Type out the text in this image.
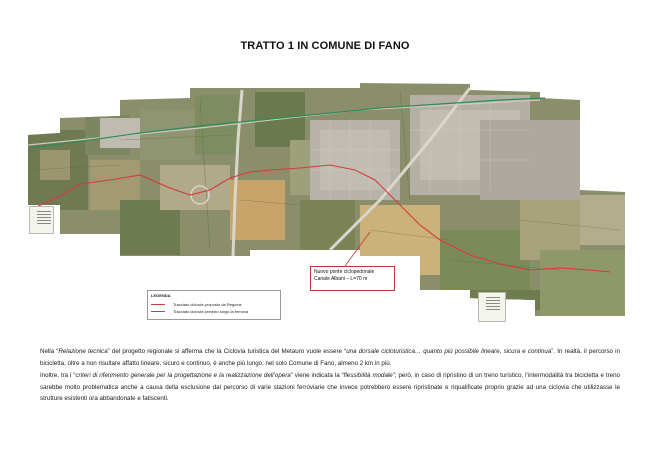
TRATTO 1 IN COMUNE DI FANO
Nuovo ponte ciclopedonale
Canale Albani – L=70 m
LEGENDA
Tracciato ciclovia proposto da Regione
Tracciato ciclovia previsto lungo la ferrovia

Nella “Relazione tecnica” del progetto regionale si afferma che la Ciclovia turistica del Metauro vuole essere “una dorsale cicloturistica… quanto più possibile lineare, sicura e continua”. In realtà, il percorso in bicicletta, oltre a non risultare affatto lineare, sicuro e continuo, è anche più lungo: nel solo Comune di Fano, almeno 2 km in più.

Inoltre, tra i “criteri di riferimento generale per la progettazione e la realizzazione dell’opera” viene indicata la “flessibilità modale”; però, in caso di ripristino di un treno turistico, l’intermodalità tra bicicletta e treno sarebbe molto problematica anche a causa della esclusione dal percorso di varie stazioni ferroviarie che invece potrebbero essere ripristinate e riqualificate proprio grazie ad una ciclovia che utilizzasse le strutture esistenti ora abbandonate e fatiscenti.
